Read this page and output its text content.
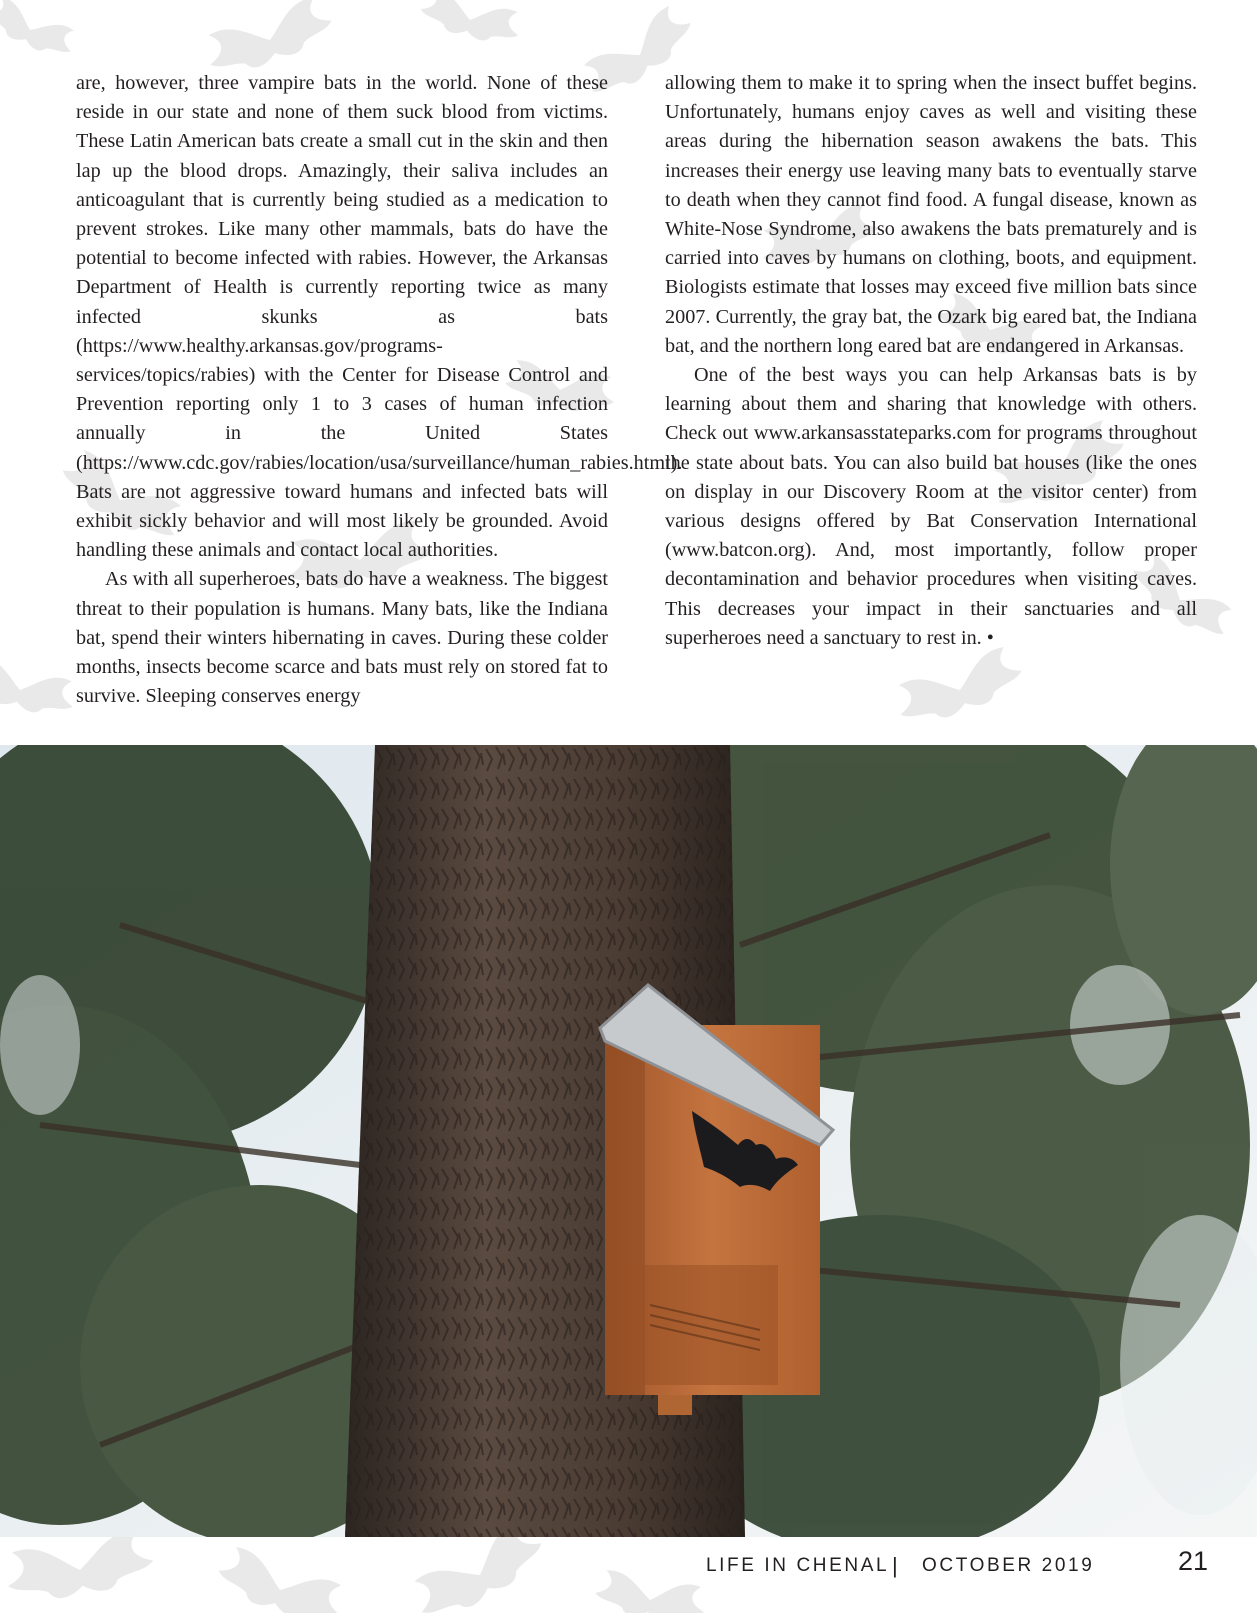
are, however, three vampire bats in the world. None of these reside in our state and none of them suck blood from victims. These Latin American bats create a small cut in the skin and then lap up the blood drops. Amazingly, their saliva includes an anticoagulant that is currently being studied as a medication to prevent strokes. Like many other mammals, bats do have the potential to become infected with rabies. However, the Arkansas Department of Health is currently reporting twice as many infected skunks as bats (https://www.healthy.arkansas.gov/programs-services/topics/rabies) with the Center for Disease Control and Prevention reporting only 1 to 3 cases of human infection annually in the United States (https://www.cdc.gov/rabies/location/usa/surveillance/human_rabies.html). Bats are not aggressive toward humans and infected bats will exhibit sickly behavior and will most likely be grounded. Avoid handling these animals and contact local authorities.

As with all superheroes, bats do have a weakness. The biggest threat to their population is humans. Many bats, like the Indiana bat, spend their winters hibernating in caves. During these colder months, insects become scarce and bats must rely on stored fat to survive. Sleeping conserves energy

allowing them to make it to spring when the insect buffet begins. Unfortunately, humans enjoy caves as well and visiting these areas during the hibernation season awakens the bats. This increases their energy use leaving many bats to eventually starve to death when they cannot find food. A fungal disease, known as White-Nose Syndrome, also awakens the bats prematurely and is carried into caves by humans on clothing, boots, and equipment. Biologists estimate that losses may exceed five million bats since 2007. Currently, the gray bat, the Ozark big eared bat, the Indiana bat, and the northern long eared bat are endangered in Arkansas.

One of the best ways you can help Arkansas bats is by learning about them and sharing that knowledge with others. Check out www.arkansasstateparks.com for programs throughout the state about bats. You can also build bat houses (like the ones on display in our Discovery Room at the visitor center) from various designs offered by Bat Conservation International (www.batcon.org). And, most importantly, follow proper decontamination and behavior procedures when visiting caves. This decreases your impact in their sanctuaries and all superheroes need a sanctuary to rest in. •

LIFE IN CHENAL | OCTOBER 2019	21
